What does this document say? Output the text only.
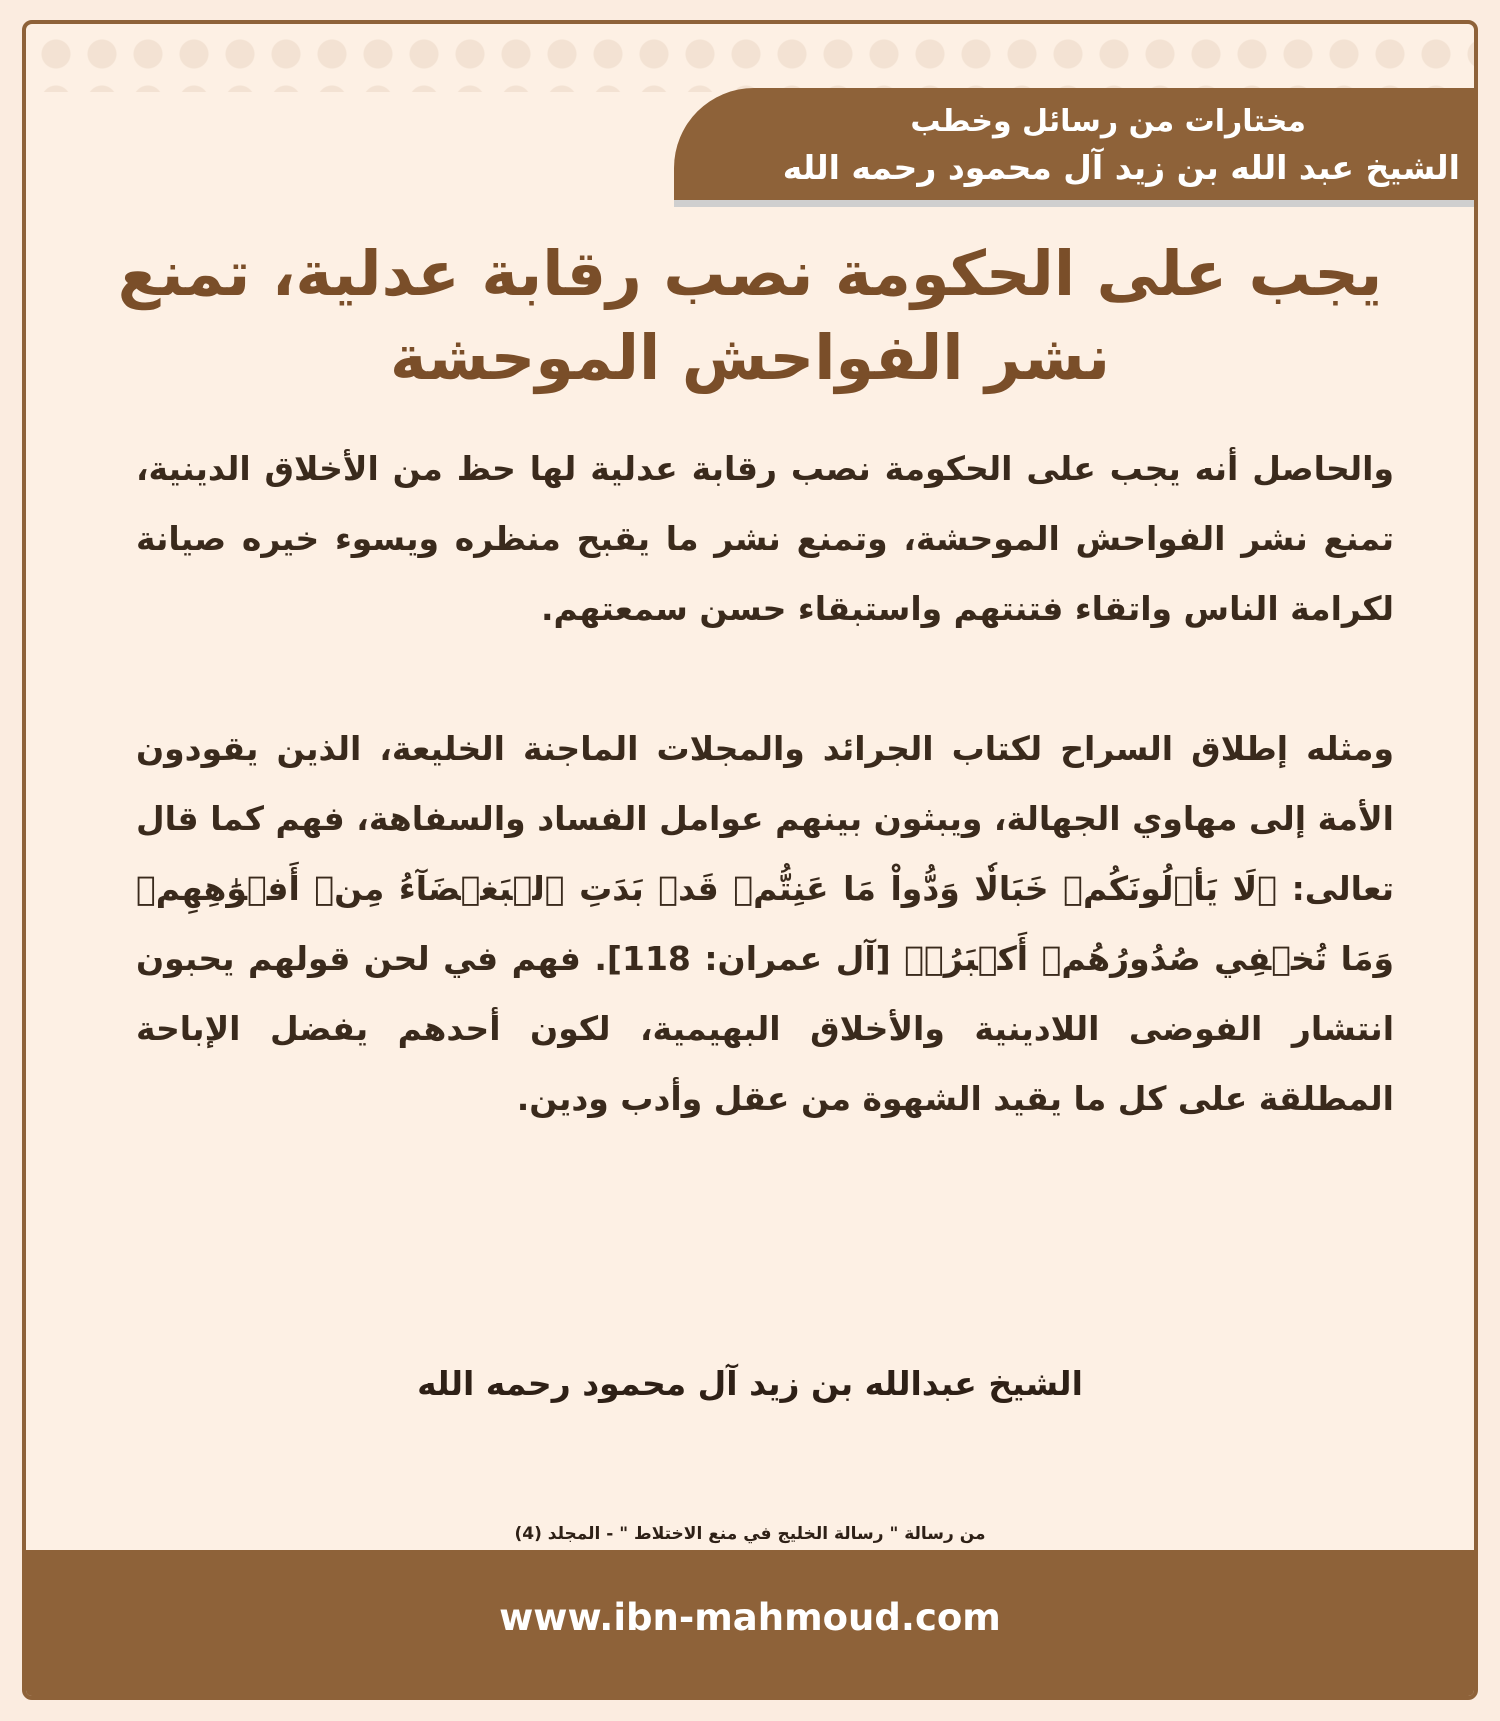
مختارات من رسائل وخطب
الشيخ عبد الله بن زيد آل محمود رحمه الله
يجب على الحكومة نصب رقابة عدلية، تمنع نشر الفواحش الموحشة

والحاصل أنه يجب على الحكومة نصب رقابة عدلية لها حظ من الأخلاق الدينية، تمنع نشر الفواحش الموحشة، وتمنع نشر ما يقبح منظره ويسوء خيره صيانة لكرامة الناس واتقاء فتنتهم واستبقاء حسن سمعتهم.

ومثله إطلاق السراح لكتاب الجرائد والمجلات الماجنة الخليعة، الذين يقودون الأمة إلى مهاوي الجهالة، ويبثون بينهم عوامل الفساد والسفاهة، فهم كما قال تعالى: ﴿لَا يَأۡلُونَكُمۡ خَبَالٗا وَدُّواْ مَا عَنِتُّمۡ قَدۡ بَدَتِ ٱلۡبَغۡضَآءُ مِنۡ أَفۡوَٰهِهِمۡ وَمَا تُخۡفِي صُدُورُهُمۡ أَكۡبَرُۚ﴾ [آل عمران: 118]. فهم في لحن قولهم يحبون انتشار الفوضى اللادينية والأخلاق البهيمية، لكون أحدهم يفضل الإباحة المطلقة على كل ما يقيد الشهوة من عقل وأدب ودين.

الشيخ عبدالله بن زيد آل محمود رحمه الله
من رسالة " رسالة الخليج في منع الاختلاط " - المجلد (4)
www.ibn-mahmoud.com
